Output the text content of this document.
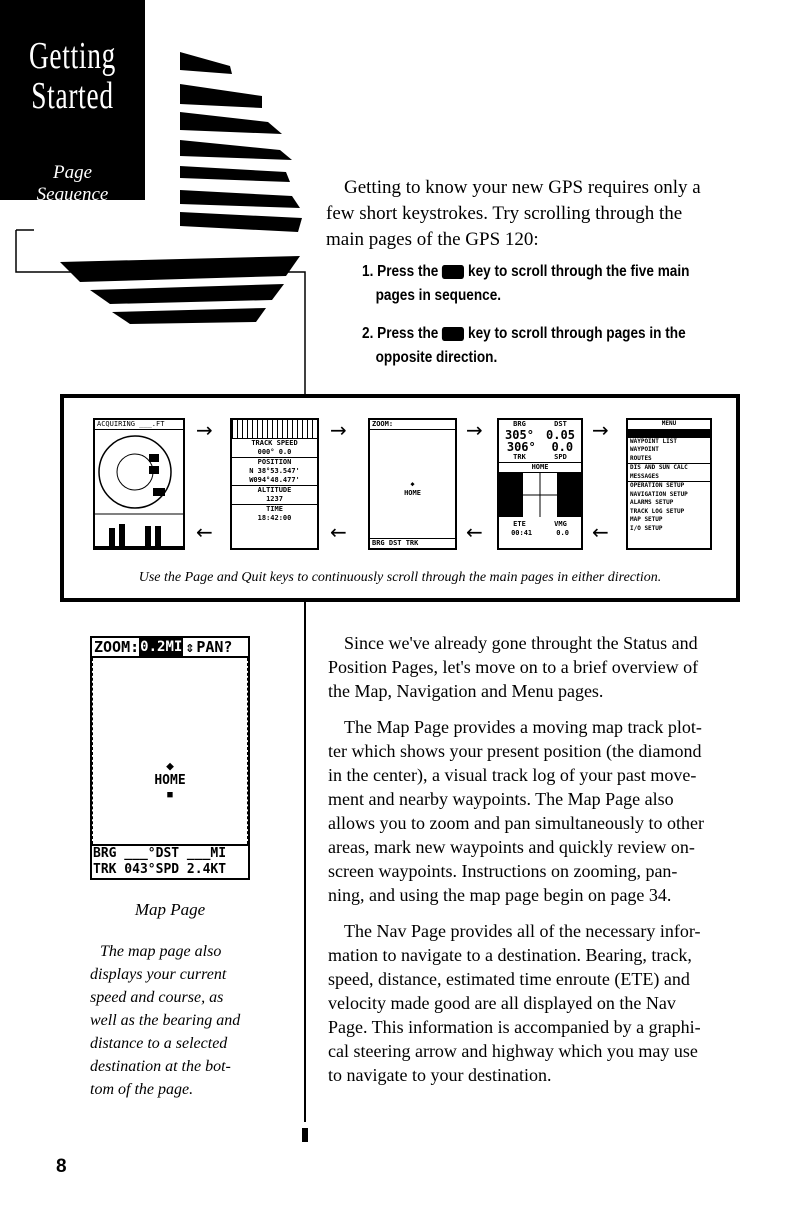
Getting
Started
Page
Sequence	Getting to know your new GPS requires only a
few short keystrokes. Try scrolling through the
main pages of the GPS 120:
1. Press the key to scroll through the five main
pages in sequence.
2. Press the key to scroll through pages in the
opposite direction.
ACQUIRING ___.FT	→
←
TRACK SPEED
000° 0.0
POSITION
N 38°53.547'
W094°48.477'
ALTITUDE
1237
TIME
18:42:00
→
←
ZOOM:
◆
HOME
BRG DST TRK
→
←
BRG	DST
305° 0.05
306° 0.0
TRK	SPD
HOME
ETE	VMG
00:41	0.0
→
←
MENU
WAYPOINT LIST
WAYPOINT
ROUTES
DIS AND SUN CALC
MESSAGES
OPERATION SETUP
NAVIGATION SETUP
ALARMS SETUP
TRACK LOG SETUP
MAP SETUP
I/O SETUP
Use the Page and Quit keys to continuously scroll through the main pages in either direction.
ZOOM: 0.2MI ⇕ PAN?
◆
HOME
■
BRG ___°DST ___MI
TRK 043°SPD 2.4KT
Map Page
The map page also
displays your current
speed and course, as
well as the bearing and
distance to a selected
destination at the bot-
tom of the page.
Since we've already gone throught the Status and
Position Pages, let's move on to a brief overview of
the Map, Navigation and Menu pages.
The Map Page provides a moving map track plot-
ter which shows your present position (the diamond
in the center), a visual track log of your past move-
ment and nearby waypoints. The Map Page also
allows you to zoom and pan simultaneously to other
areas, mark new waypoints and quickly review on-
screen waypoints. Instructions on zooming, pan-
ning, and using the map page begin on page 34.
The Nav Page provides all of the necessary infor-
mation to navigate to a destination. Bearing, track,
speed, distance, estimated time enroute (ETE) and
velocity made good are all displayed on the Nav
Page. This information is accompanied by a graphi-
cal steering arrow and highway which you may use
to navigate to your destination.
8
